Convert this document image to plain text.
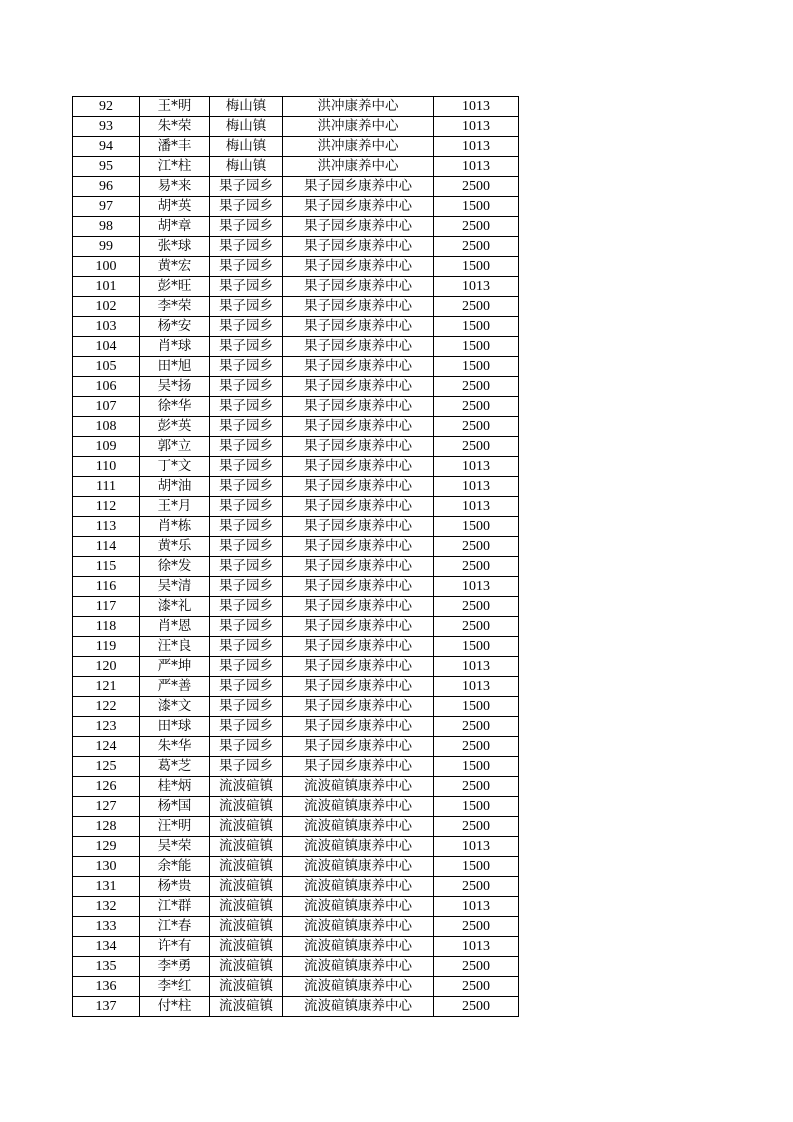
92	王*明	梅山镇	洪冲康养中心	1013
93	朱*荣	梅山镇	洪冲康养中心	1013
94	潘*丰	梅山镇	洪冲康养中心	1013
95	江*柱	梅山镇	洪冲康养中心	1013
96	易*来	果子园乡	果子园乡康养中心	2500
97	胡*英	果子园乡	果子园乡康养中心	1500
98	胡*章	果子园乡	果子园乡康养中心	2500
99	张*球	果子园乡	果子园乡康养中心	2500
100	黄*宏	果子园乡	果子园乡康养中心	1500
101	彭*旺	果子园乡	果子园乡康养中心	1013
102	李*荣	果子园乡	果子园乡康养中心	2500
103	杨*安	果子园乡	果子园乡康养中心	1500
104	肖*球	果子园乡	果子园乡康养中心	1500
105	田*旭	果子园乡	果子园乡康养中心	1500
106	吴*扬	果子园乡	果子园乡康养中心	2500
107	徐*华	果子园乡	果子园乡康养中心	2500
108	彭*英	果子园乡	果子园乡康养中心	2500
109	郭*立	果子园乡	果子园乡康养中心	2500
110	丁*文	果子园乡	果子园乡康养中心	1013
111	胡*油	果子园乡	果子园乡康养中心	1013
112	王*月	果子园乡	果子园乡康养中心	1013
113	肖*栋	果子园乡	果子园乡康养中心	1500
114	黄*乐	果子园乡	果子园乡康养中心	2500
115	徐*发	果子园乡	果子园乡康养中心	2500
116	吴*清	果子园乡	果子园乡康养中心	1013
117	漆*礼	果子园乡	果子园乡康养中心	2500
118	肖*恩	果子园乡	果子园乡康养中心	2500
119	汪*良	果子园乡	果子园乡康养中心	1500
120	严*坤	果子园乡	果子园乡康养中心	1013
121	严*善	果子园乡	果子园乡康养中心	1013
122	漆*文	果子园乡	果子园乡康养中心	1500
123	田*球	果子园乡	果子园乡康养中心	2500
124	朱*华	果子园乡	果子园乡康养中心	2500
125	葛*芝	果子园乡	果子园乡康养中心	1500
126	桂*炳	流波碹镇	流波碹镇康养中心	2500
127	杨*国	流波碹镇	流波碹镇康养中心	1500
128	汪*明	流波碹镇	流波碹镇康养中心	2500
129	吴*荣	流波碹镇	流波碹镇康养中心	1013
130	余*能	流波碹镇	流波碹镇康养中心	1500
131	杨*贵	流波碹镇	流波碹镇康养中心	2500
132	江*群	流波碹镇	流波碹镇康养中心	1013
133	江*春	流波碹镇	流波碹镇康养中心	2500
134	许*有	流波碹镇	流波碹镇康养中心	1013
135	李*勇	流波碹镇	流波碹镇康养中心	2500
136	李*红	流波碹镇	流波碹镇康养中心	2500
137	付*柱	流波碹镇	流波碹镇康养中心	2500
